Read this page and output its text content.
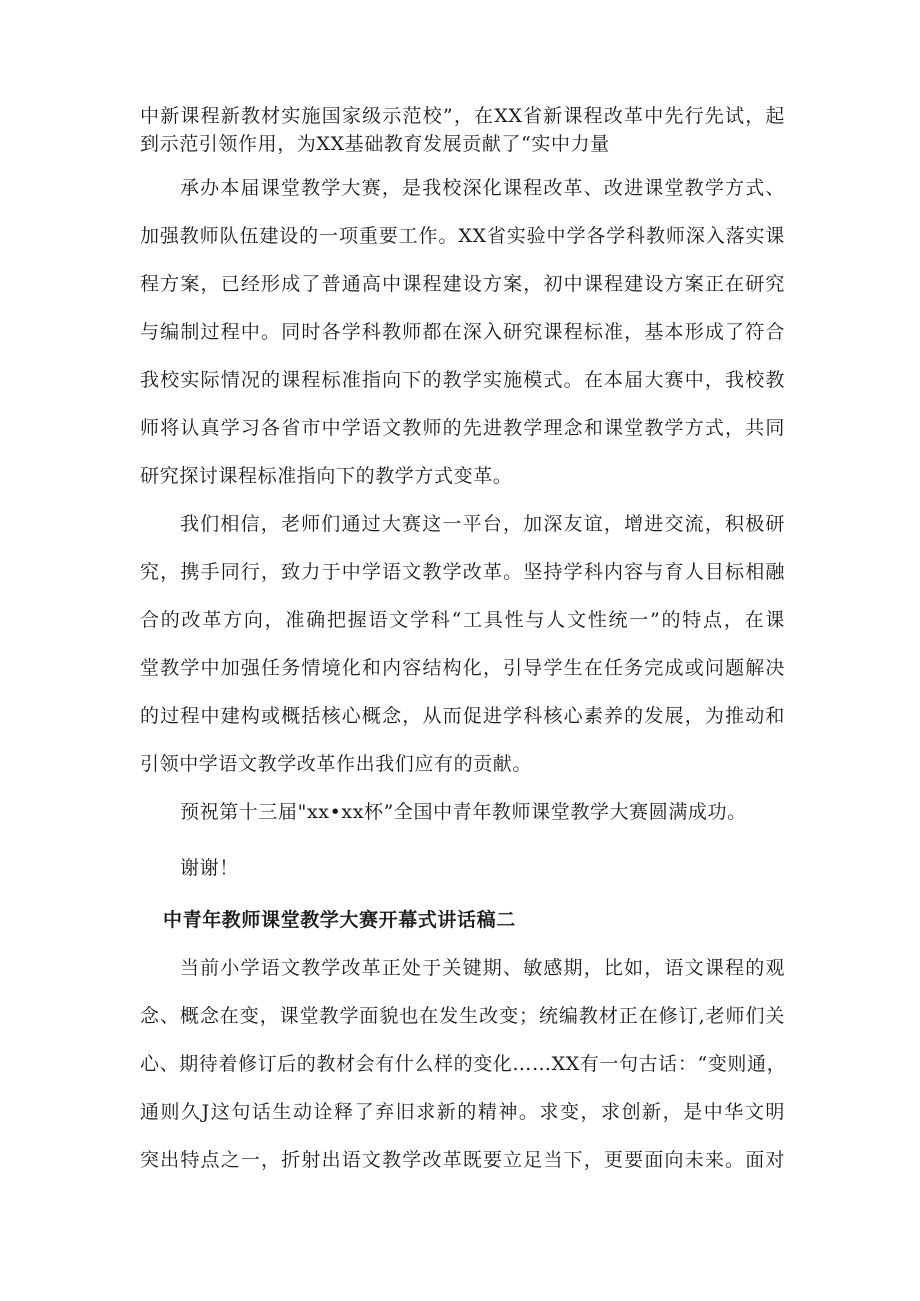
中新课程新教材实施国家级示范校”，在XX省新课程改革中先行先试，起
到示范引领作用，为XX基础教育发展贡献了“实中力量
承办本届课堂教学大赛，是我校深化课程改革、改进课堂教学方式、
加强教师队伍建设的一项重要工作。XX省实验中学各学科教师深入落实课
程方案，已经形成了普通高中课程建设方案，初中课程建设方案正在研究
与编制过程中。同时各学科教师都在深入研究课程标准，基本形成了符合
我校实际情况的课程标准指向下的教学实施模式。在本届大赛中，我校教
师将认真学习各省市中学语文教师的先进教学理念和课堂教学方式，共同
研究探讨课程标准指向下的教学方式变革。
我们相信，老师们通过大赛这一平台，加深友谊，增进交流，积极研
究，携手同行，致力于中学语文教学改革。坚持学科内容与育人目标相融
合的改革方向，准确把握语文学科“工具性与人文性统一”的特点，在课
堂教学中加强任务情境化和内容结构化，引导学生在任务完成或问题解决
的过程中建构或概括核心概念，从而促进学科核心素养的发展，为推动和
引领中学语文教学改革作出我们应有的贡献。
预祝第十三届"xx•xx杯”全国中青年教师课堂教学大赛圆满成功。
谢谢！
中青年教师课堂教学大赛开幕式讲话稿二
当前小学语文教学改革正处于关键期、敏感期，比如，语文课程的观
念、概念在变，课堂教学面貌也在发生改变；统编教材正在修订,老师们关
心、期待着修订后的教材会有什么样的变化……XX有一句古话：“变则通，
通则久J这句话生动诠释了弃旧求新的精神。求变，求创新，是中华文明
突出特点之一，折射出语文教学改革既要立足当下，更要面向未来。面对
